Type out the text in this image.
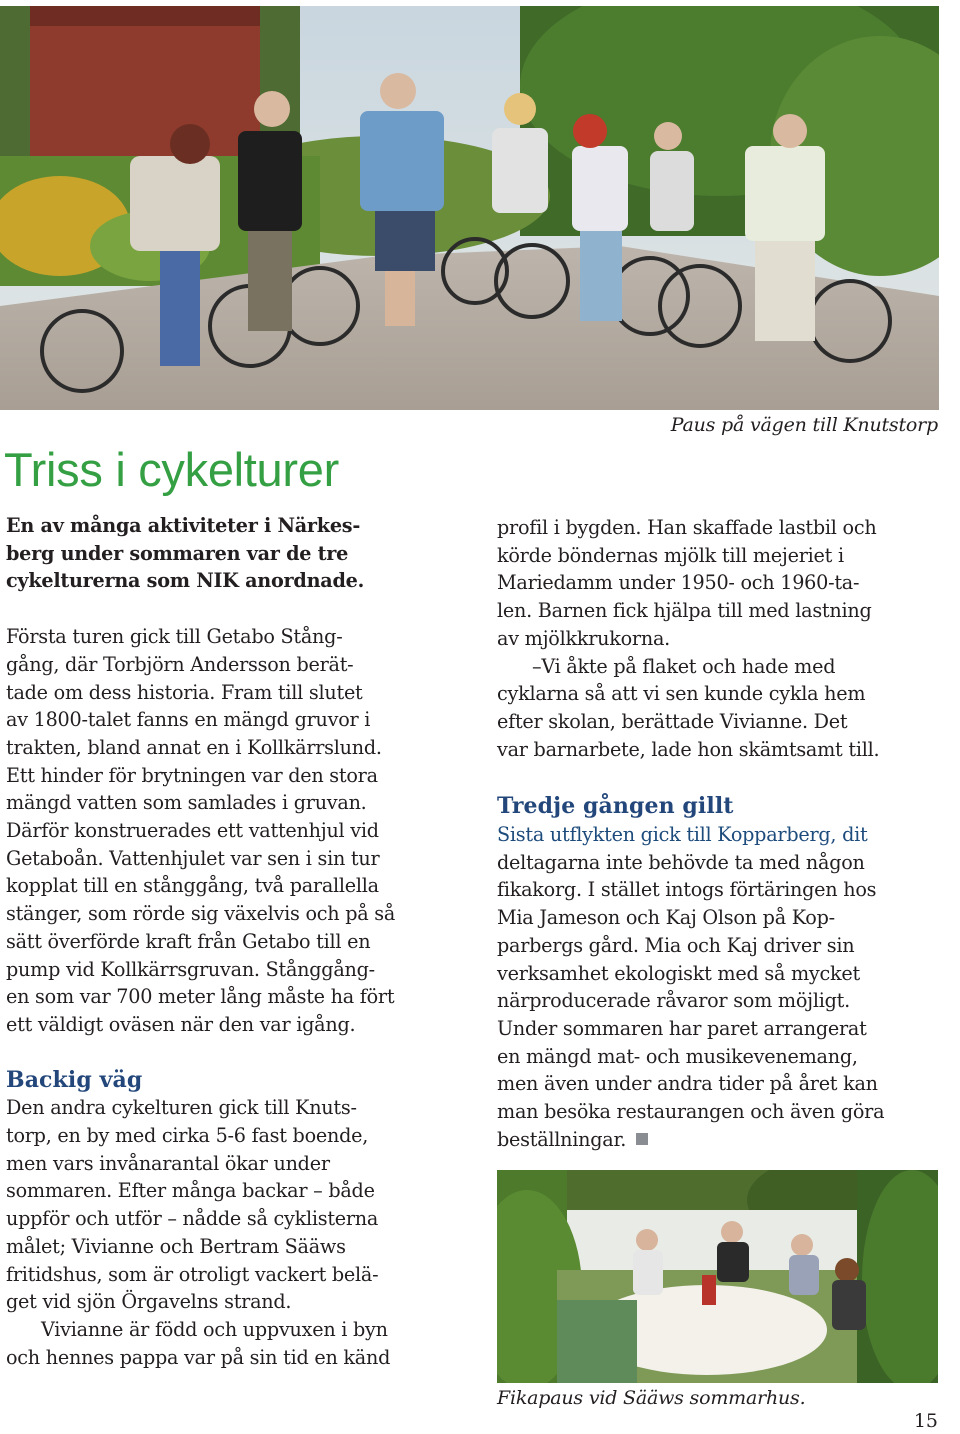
Paus på vägen till Knutstorp
Triss i cykelturer

En av många aktiviteter i Närkes-

berg under sommaren var de tre

cykelturerna som NIK anordnade.

Första turen gick till Getabo Stång-

gång, där Torbjörn Andersson berät-

tade om dess historia. Fram till slutet

av 1800-talet fanns en mängd gruvor i

trakten, bland annat en i Kollkärrslund.

Ett hinder för brytningen var den stora

mängd vatten som samlades i gruvan.

Därför konstruerades ett vattenhjul vid

Getaboån. Vattenhjulet var sen i sin tur

kopplat till en stånggång, två parallella

stänger, som rörde sig växelvis och på så

sätt överförde kraft från Getabo till en

pump vid Kollkärrsgruvan. Stånggång-

en som var 700 meter lång måste ha fört

ett väldigt oväsen när den var igång.

Backig väg

Den andra cykelturen gick till Knuts-

torp, en by med cirka 5-6 fast boende,

men vars invånarantal ökar under

sommaren. Efter många backar – både

uppför och utför – nådde så cyklisterna

målet; Vivianne och Bertram Sääws

fritidshus, som är otroligt vackert belä-

get vid sjön Örgavelns strand.

Vivianne är född och uppvuxen i byn

och hennes pappa var på sin tid en känd

profil i bygden. Han skaffade lastbil och

körde böndernas mjölk till mejeriet i

Mariedamm under 1950- och 1960-ta-

len. Barnen fick hjälpa till med lastning

av mjölkkrukorna.

–Vi åkte på flaket och hade med

cyklarna så att vi sen kunde cykla hem

efter skolan, berättade Vivianne. Det

var barnarbete, lade hon skämtsamt till.

Tredje gången gillt

Sista utflykten gick till Kopparberg, dit

deltagarna inte behövde ta med någon

fikakorg. I stället intogs förtäringen hos

Mia Jameson och Kaj Olson på Kop-

parbergs gård. Mia och Kaj driver sin

verksamhet ekologiskt med så mycket

närproducerade råvaror som möjligt.

Under sommaren har paret arrangerat

en mängd mat- och musikevenemang,

men även under andra tider på året kan

man besöka restaurangen och även göra

beställningar.

Fikapaus vid Sääws sommarhus.
15
